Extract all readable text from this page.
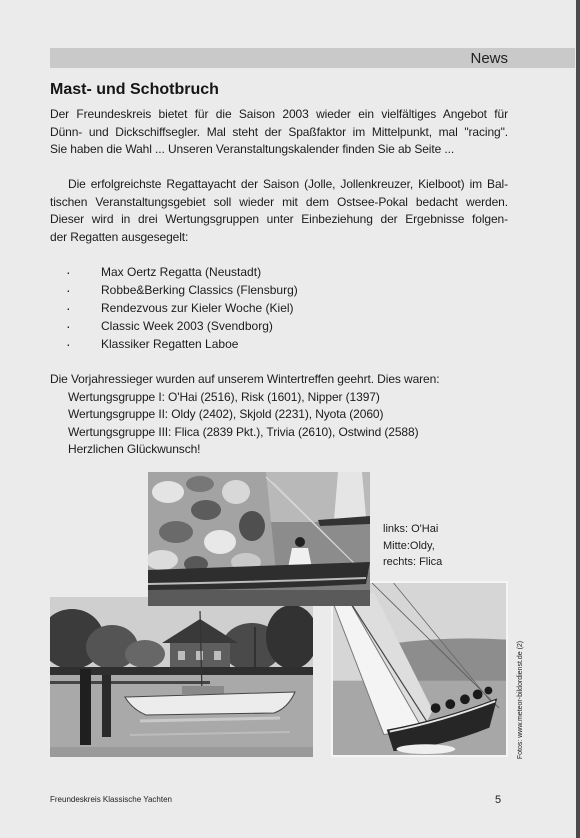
News
Mast- und Schotbruch
Der Freundeskreis bietet für die Saison 2003 wieder ein vielfältiges Angebot für
Dünn- und Dickschiffsegler. Mal steht der Spaßfaktor im Mittelpunkt, mal "racing".
Sie haben die Wahl ... Unseren Veranstaltungskalender finden Sie ab Seite ...
Die erfolgreichste Regattayacht der Saison (Jolle, Jollenkreuzer, Kielboot) im Bal-
tischen Veranstaltungsgebiet soll wieder mit dem Ostsee-Pokal bedacht werden.
Dieser wird in drei Wertungsgruppen unter Einbeziehung der Ergebnisse folgen-
der Regatten ausgesegelt:
·
Max Oertz Regatta (Neustadt)
·
Robbe&Berking Classics (Flensburg)
·
Rendezvous zur Kieler Woche (Kiel)
·
Classic Week 2003 (Svendborg)
·
Klassiker Regatten Laboe
Die Vorjahressieger wurden auf unserem Wintertreffen geehrt. Dies waren:
Wertungsgruppe I: O'Hai (2516), Risk (1601), Nipper (1397)
Wertungsgruppe II: Oldy (2402), Skjold (2231), Nyota (2060)
Wertungsgruppe III: Flica (2839 Pkt.), Trivia (2610), Ostwind (2588)
Herzlichen Glückwunsch!
links: O'Hai
Mitte:Oldy,
rechts: Flica
Fotos: www.meteor-bildordienst.de (2)
Freundeskreis Klassische Yachten	5
